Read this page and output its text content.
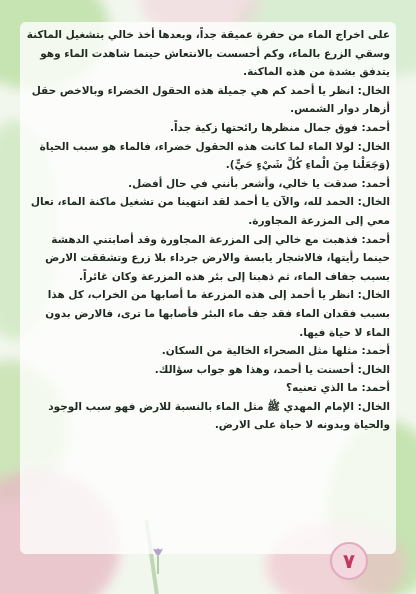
على اخراج الماء من حفرة عميقة جداً، وبعدها أخذ خالي بتشغيل الماكنة وسقي الزرع بالماء، وكم أحسست بالانتعاش حينما شاهدت الماء وهو يتدفق بشدة من هذه الماكنة.

الخال: انظر يا أحمد كم هي جميلة هذه الحقول الخضراء وبالاخص حقل أزهار دوار الشمس.

أحمد: فوق جمال منظرها رائحتها زكية جداً.

الخال: لولا الماء لما كانت هذه الحقول خضراء، فالماء هو سبب الحياة (وَجَعَلْنا مِنَ الْماءِ كُلَّ شَيْءٍ حَيٍّ).

أحمد: صدقت يا خالي، وأشعر بأنني في حال أفضل.

الخال: الحمد لله، والآن يا أحمد لقد انتهينا من تشغيل ماكنة الماء، تعال معي إلى المزرعة المجاورة.

أحمد: فذهبت مع خالي إلى المزرعة المجاورة وقد أصابتني الدهشة حينما رأيتها، فالاشجار يابسة والارض جرداء بلا زرع وتشققت الارض بسبب جفاف الماء، ثم ذهبنا إلى بئر هذه المزرعة وكان غائراً.

الخال: انظر يا أحمد إلى هذه المزرعة ما أصابها من الخراب، كل هذا بسبب فقدان الماء فقد جف ماء البئر فأصابها ما ترى، فالارض بدون الماء لا حياة فيها.

أحمد: مثلها مثل الصحراء الخالية من السكان.

الخال: أحسنت يا أحمد، وهذا هو جواب سؤالك.

أحمد: ما الذي تعنيه؟

الخال: الإمام المهدي ﷺ مثل الماء بالنسبة للارض فهو سبب الوجود والحياة وبدونه لا حياة على الارض.

٧
